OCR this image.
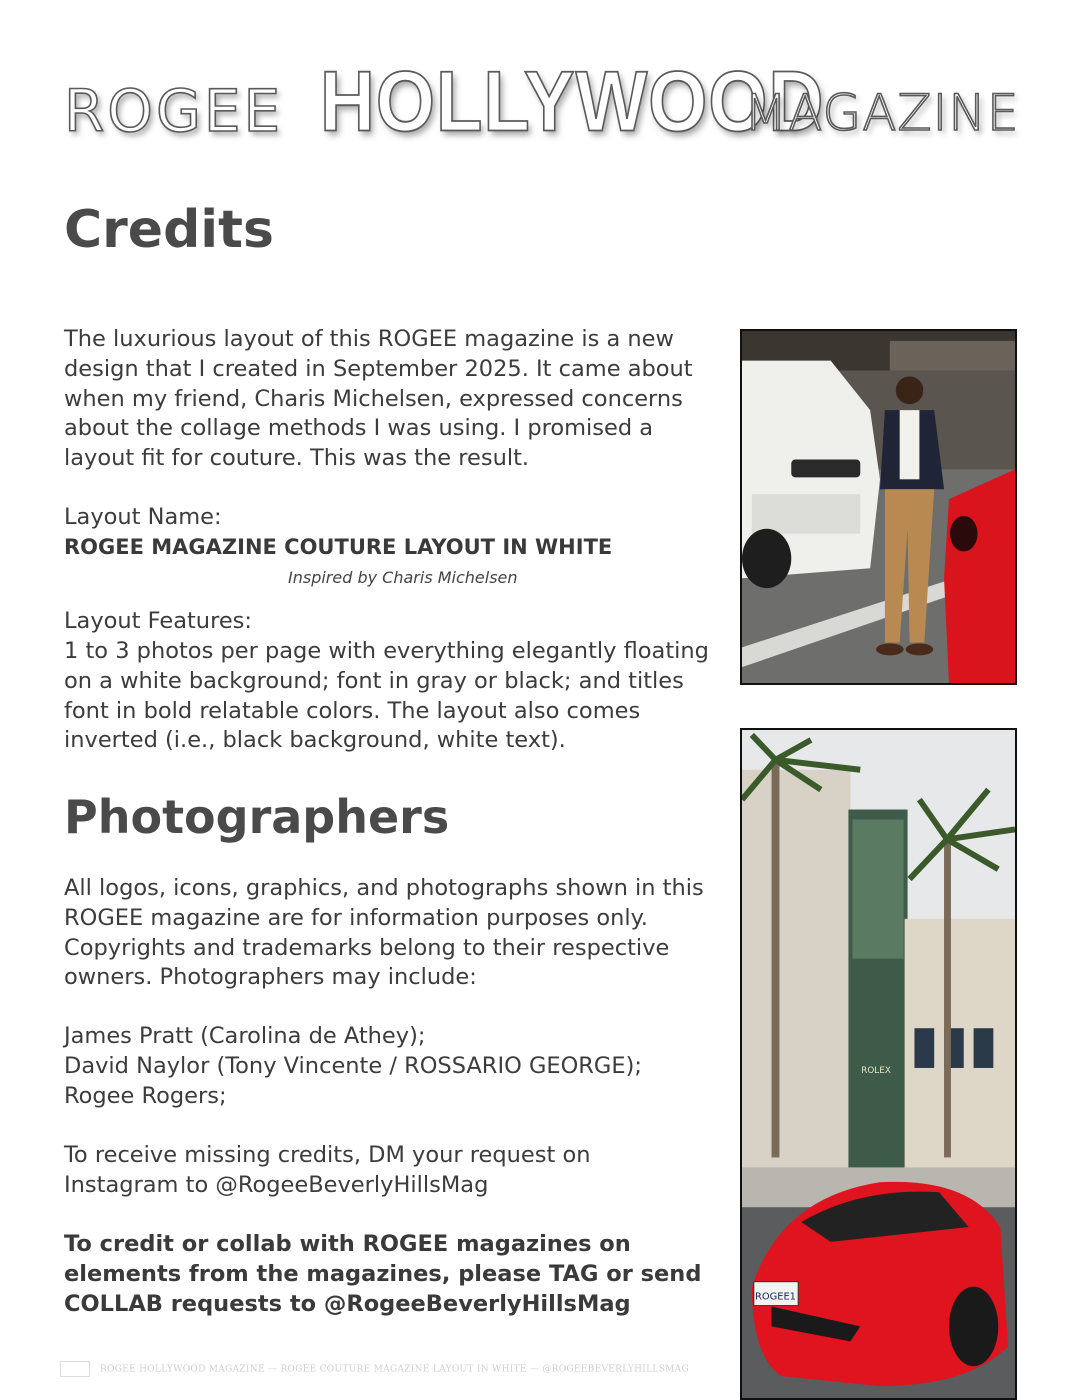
ROGEE HOLLYWOOD
MAGAZINE
Credits

The luxurious layout of this ROGEE magazine is a new design that I created in September 2025. It came about when my friend, Charis Michelsen, expressed concerns about the collage methods I was using. I promised a layout fit for couture. This was the result.

Layout Name:

ROGEE MAGAZINE COUTURE LAYOUT IN WHITE

Inspired by Charis Michelsen

Layout Features:

1 to 3 photos per page with everything elegantly floating on a white background; font in gray or black; and titles font in bold relatable colors. The layout also comes inverted (i.e., black background, white text).

Photographers

All logos, icons, graphics, and photographs shown in this ROGEE magazine are for information purposes only. Copyrights and trademarks belong to their respective owners. Photographers may include:

James Pratt (Carolina de Athey);
David Naylor (Tony Vincente / ROSSARIO GEORGE);
Rogee Rogers;

To receive missing credits, DM your request on Instagram to @RogeeBeverlyHillsMag

To credit or collab with ROGEE magazines on elements from the magazines, please TAG or send COLLAB requests to @RogeeBeverlyHillsMag

ROLEX
ROGEE1
ROGEE HOLLYWOOD MAGAZINE — ROGEE COUTURE MAGAZINE LAYOUT IN WHITE — @ROGEEBEVERLYHILLSMAG
